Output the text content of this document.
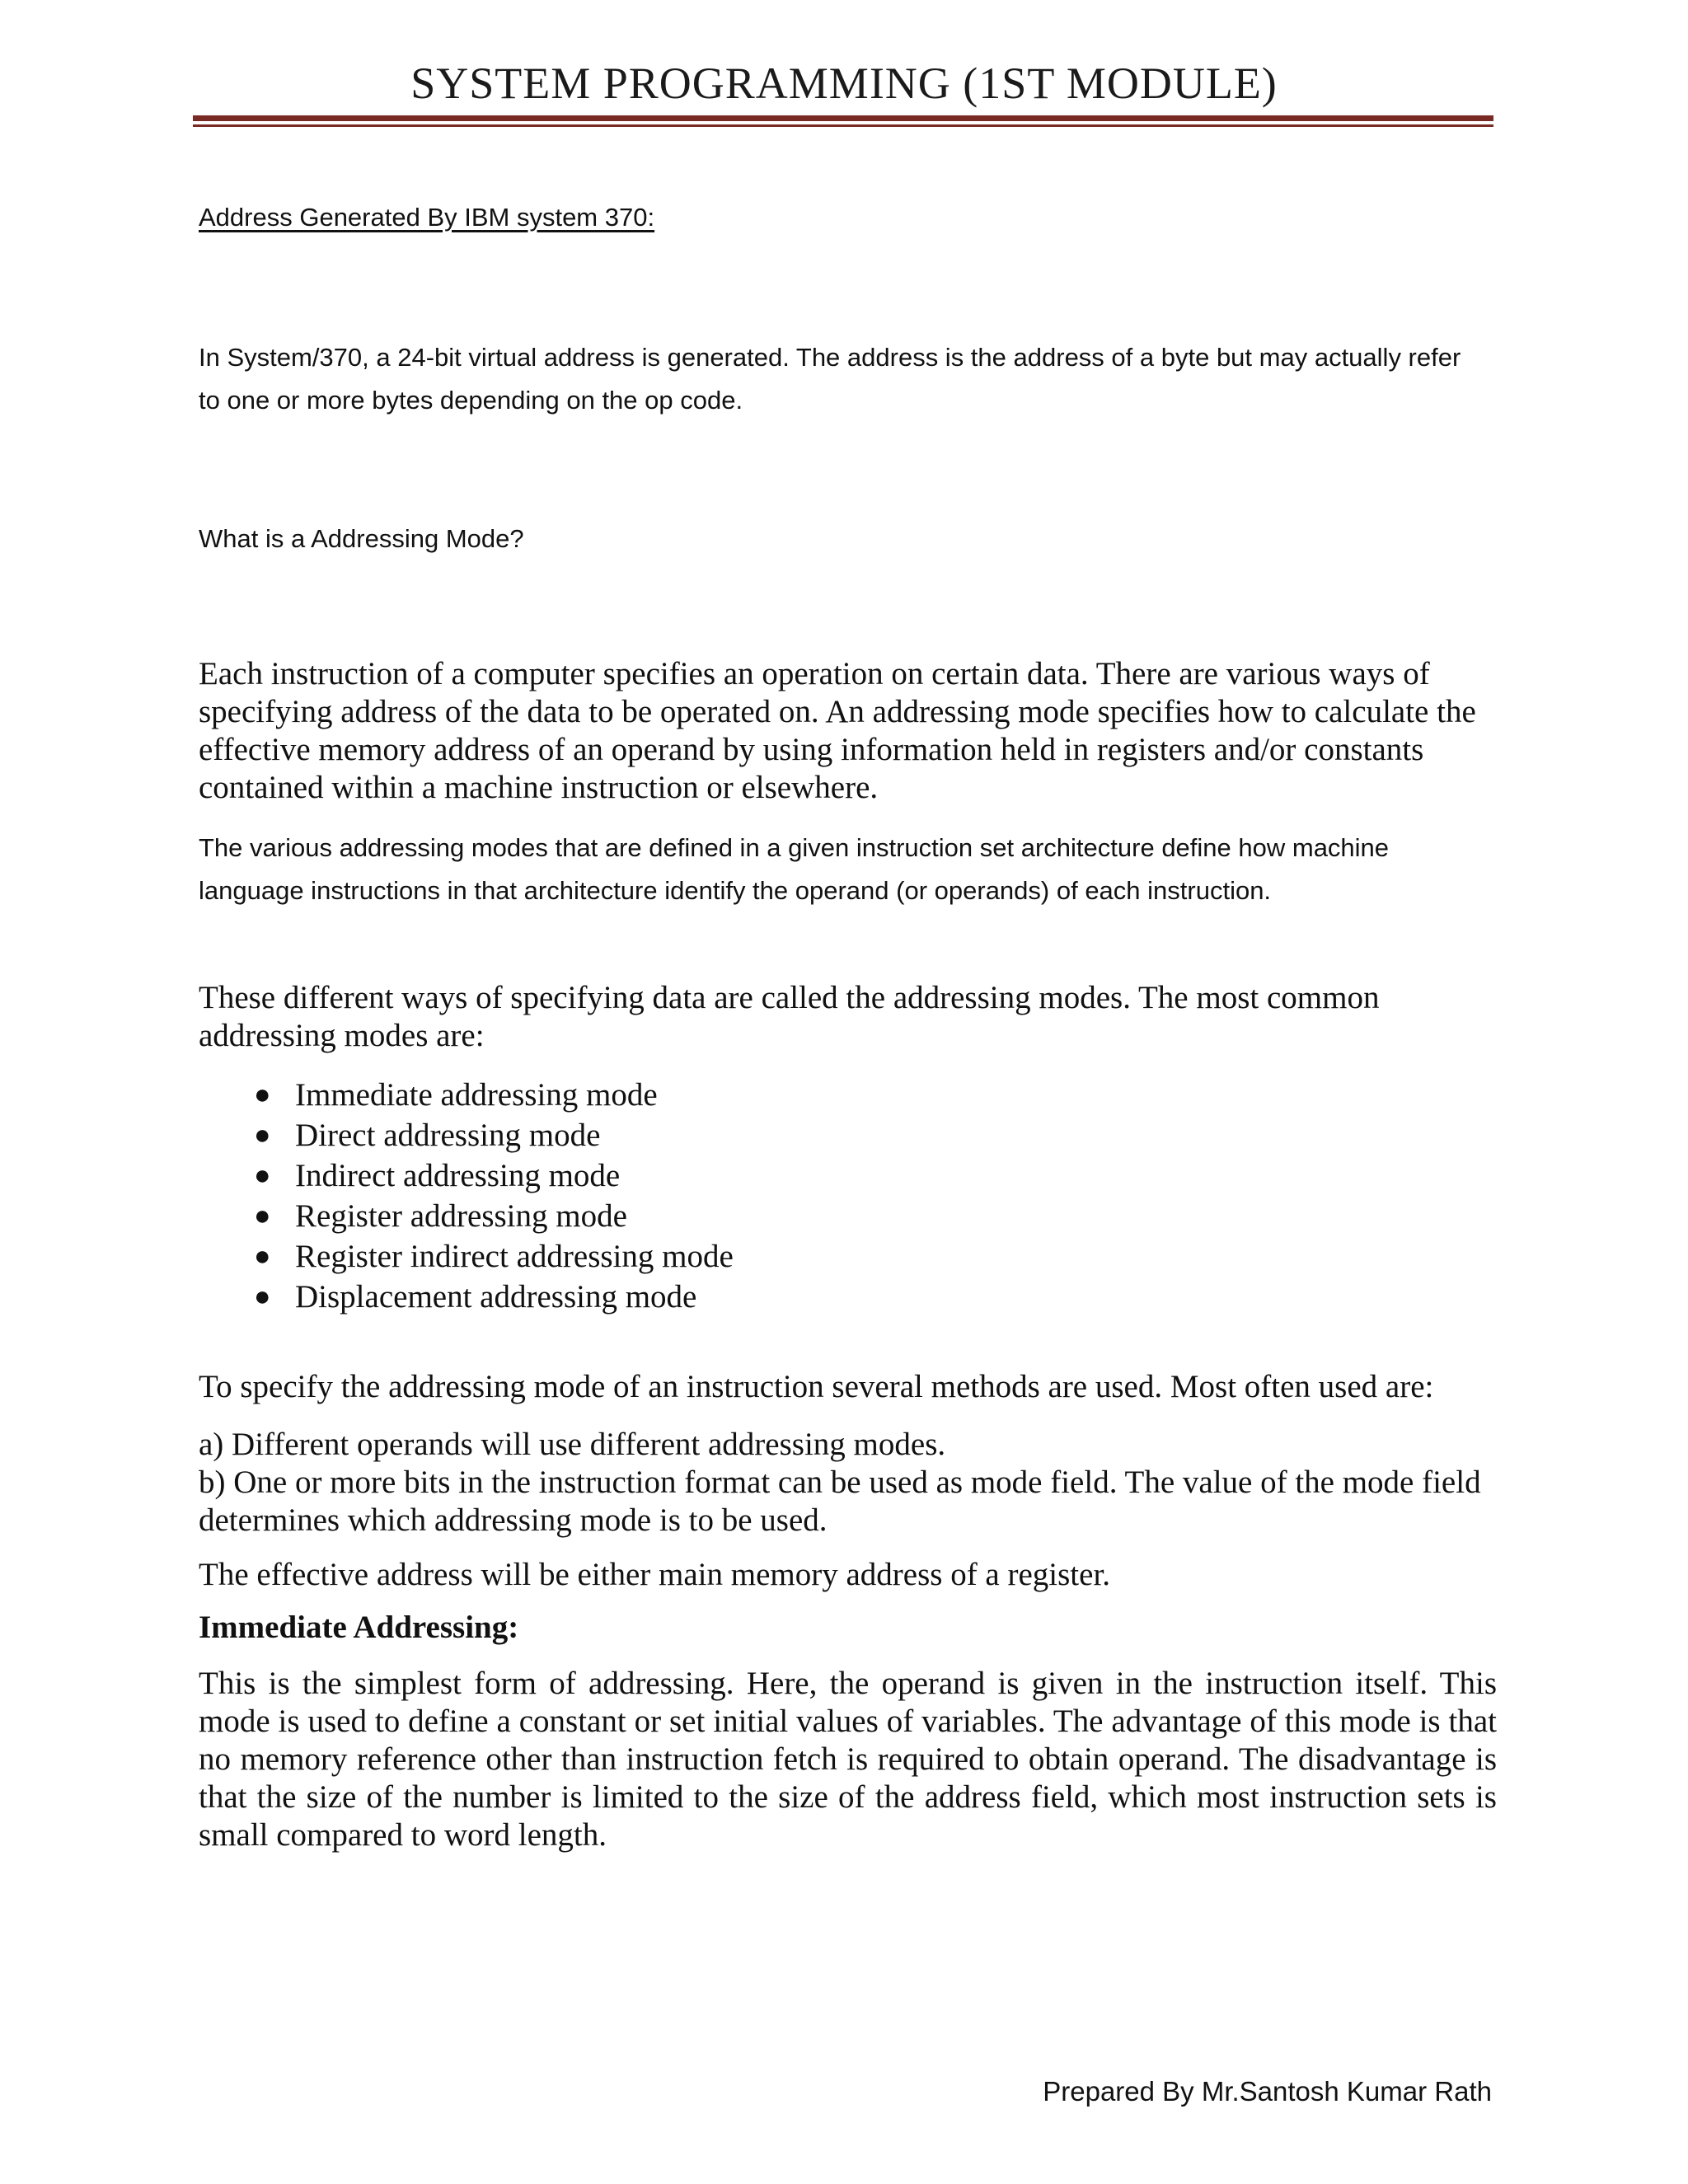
SYSTEM PROGRAMMING (1ST MODULE)

Address Generated By IBM system 370:

In System/370, a 24-bit virtual address is generated. The address is the address of a byte but may actually refer to one or more bytes depending on the op code.

What is a Addressing Mode?

Each instruction of a computer specifies an operation on certain data. There are various ways of specifying address of the data to be operated on. An addressing mode specifies how to calculate the effective memory address of an operand by using information held in registers and/or constants contained within a machine instruction or elsewhere.

The various addressing modes that are defined in a given instruction set architecture define how machine language instructions in that architecture identify the operand (or operands) of each instruction.

These different ways of specifying data are called the addressing modes. The most common addressing modes are:

● Immediate addressing mode
● Direct addressing mode
● Indirect addressing mode
● Register addressing mode
● Register indirect addressing mode
● Displacement addressing mode

To specify the addressing mode of an instruction several methods are used. Most often used are:

a) Different operands will use different addressing modes.

b) One or more bits in the instruction format can be used as mode field. The value of the mode field determines which addressing mode is to be used.

The effective address will be either main memory address of a register.

Immediate Addressing:

This is the simplest form of addressing. Here, the operand is given in the instruction itself. This mode is used to define a constant or set initial values of variables. The advantage of this mode is that no memory reference other than instruction fetch is required to obtain operand. The disadvantage is that the size of the number is limited to the size of the address field, which most instruction sets is small compared to word length.

Prepared By Mr.Santosh Kumar Rath
